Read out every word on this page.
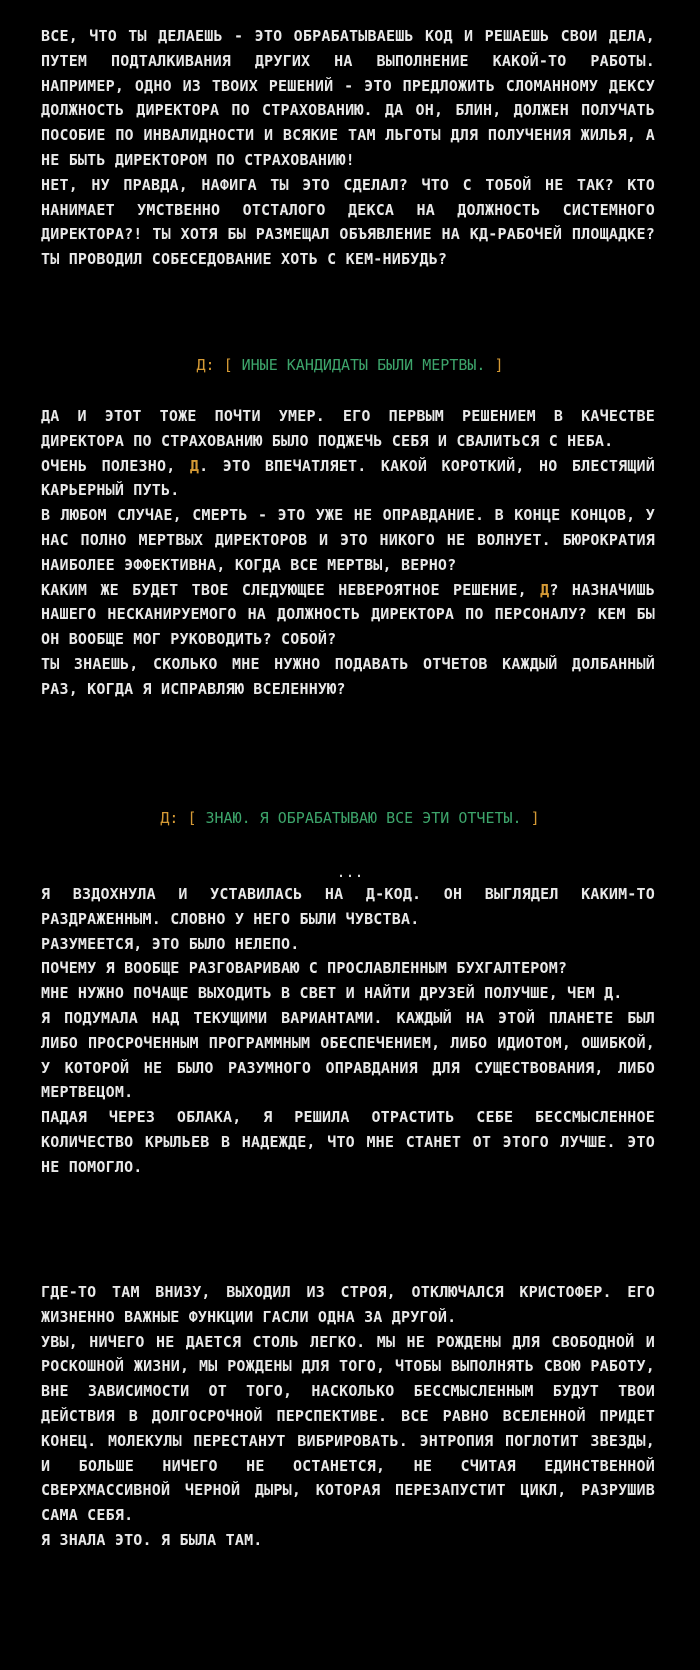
ВСЕ, ЧТО ТЫ ДЕЛАЕШЬ - ЭТО ОБРАБАТЫВАЕШЬ КОД И РЕШАЕШЬ СВОИ ДЕЛА, ПУТЕМ ПОДТАЛКИВАНИЯ ДРУГИХ НА ВЫПОЛНЕНИЕ КАКОЙ-ТО РАБОТЫ. НАПРИМЕР, ОДНО ИЗ ТВОИХ РЕШЕНИЙ - ЭТО ПРЕДЛОЖИТЬ СЛОМАННОМУ ДЕКСУ ДОЛЖНОСТЬ ДИРЕКТОРА ПО СТРАХОВАНИЮ. ДА ОН, БЛИН, ДОЛЖЕН ПОЛУЧАТЬ ПОСОБИЕ ПО ИНВАЛИДНОСТИ И ВСЯКИЕ ТАМ ЛЬГОТЫ ДЛЯ ПОЛУЧЕНИЯ ЖИЛЬЯ, А НЕ БЫТЬ ДИРЕКТОРОМ ПО СТРАХОВАНИЮ!

НЕТ, НУ ПРАВДА, НАФИГА ТЫ ЭТО СДЕЛАЛ? ЧТО С ТОБОЙ НЕ ТАК? КТО НАНИМАЕТ УМСТВЕННО ОТСТАЛОГО ДЕКСА НА ДОЛЖНОСТЬ СИСТЕМНОГО ДИРЕКТОРА?! ТЫ ХОТЯ БЫ РАЗМЕЩАЛ ОБЪЯВЛЕНИЕ НА КД-РАБОЧЕЙ ПЛОЩАДКЕ? ТЫ ПРОВОДИЛ СОБЕСЕДОВАНИЕ ХОТЬ С КЕМ-НИБУДЬ?

Д: [ ИНЫЕ КАНДИДАТЫ БЫЛИ МЕРТВЫ. ]

ДА И ЭТОТ ТОЖЕ ПОЧТИ УМЕР. ЕГО ПЕРВЫМ РЕШЕНИЕМ В КАЧЕСТВЕ ДИРЕКТОРА ПО СТРАХОВАНИЮ БЫЛО ПОДЖЕЧЬ СЕБЯ И СВАЛИТЬСЯ С НЕБА.

ОЧЕНЬ ПОЛЕЗНО, Д. ЭТО ВПЕЧАТЛЯЕТ. КАКОЙ КОРОТКИЙ, НО БЛЕСТЯЩИЙ КАРЬЕРНЫЙ ПУТЬ.

В ЛЮБОМ СЛУЧАЕ, СМЕРТЬ - ЭТО УЖЕ НЕ ОПРАВДАНИЕ. В КОНЦЕ КОНЦОВ, У НАС ПОЛНО МЕРТВЫХ ДИРЕКТОРОВ И ЭТО НИКОГО НЕ ВОЛНУЕТ. БЮРОКРАТИЯ НАИБОЛЕЕ ЭФФЕКТИВНА, КОГДА ВСЕ МЕРТВЫ, ВЕРНО?

КАКИМ ЖЕ БУДЕТ ТВОЕ СЛЕДУЮЩЕЕ НЕВЕРОЯТНОЕ РЕШЕНИЕ, Д? НАЗНАЧИШЬ НАШЕГО НЕСКАНИРУЕМОГО НА ДОЛЖНОСТЬ ДИРЕКТОРА ПО ПЕРСОНАЛУ? КЕМ БЫ ОН ВООБЩЕ МОГ РУКОВОДИТЬ? СОБОЙ?

ТЫ ЗНАЕШЬ, СКОЛЬКО МНЕ НУЖНО ПОДАВАТЬ ОТЧЕТОВ КАЖДЫЙ ДОЛБАННЫЙ РАЗ, КОГДА Я ИСПРАВЛЯЮ ВСЕЛЕННУЮ?

Д: [ ЗНАЮ. Я ОБРАБАТЫВАЮ ВСЕ ЭТИ ОТЧЕТЫ. ]
...

Я ВЗДОХНУЛА И УСТАВИЛАСЬ НА Д-КОД. ОН ВЫГЛЯДЕЛ КАКИМ-ТО РАЗДРАЖЕННЫМ. СЛОВНО У НЕГО БЫЛИ ЧУВСТВА.

РАЗУМЕЕТСЯ, ЭТО БЫЛО НЕЛЕПО.

ПОЧЕМУ Я ВООБЩЕ РАЗГОВАРИВАЮ С ПРОСЛАВЛЕННЫМ БУХГАЛТЕРОМ?

МНЕ НУЖНО ПОЧАЩЕ ВЫХОДИТЬ В СВЕТ И НАЙТИ ДРУЗЕЙ ПОЛУЧШЕ, ЧЕМ Д.

Я ПОДУМАЛА НАД ТЕКУЩИМИ ВАРИАНТАМИ. КАЖДЫЙ НА ЭТОЙ ПЛАНЕТЕ БЫЛ ЛИБО ПРОСРОЧЕННЫМ ПРОГРАММНЫМ ОБЕСПЕЧЕНИЕМ, ЛИБО ИДИОТОМ, ОШИБКОЙ, У КОТОРОЙ НЕ БЫЛО РАЗУМНОГО ОПРАВДАНИЯ ДЛЯ СУЩЕСТВОВАНИЯ, ЛИБО МЕРТВЕЦОМ.

ПАДАЯ ЧЕРЕЗ ОБЛАКА, Я РЕШИЛА ОТРАСТИТЬ СЕБЕ БЕССМЫСЛЕННОЕ КОЛИЧЕСТВО КРЫЛЬЕВ В НАДЕЖДЕ, ЧТО МНЕ СТАНЕТ ОТ ЭТОГО ЛУЧШЕ. ЭТО НЕ ПОМОГЛО.

ГДЕ-ТО ТАМ ВНИЗУ, ВЫХОДИЛ ИЗ СТРОЯ, ОТКЛЮЧАЛСЯ КРИСТОФЕР. ЕГО ЖИЗНЕННО ВАЖНЫЕ ФУНКЦИИ ГАСЛИ ОДНА ЗА ДРУГОЙ.

УВЫ, НИЧЕГО НЕ ДАЕТСЯ СТОЛЬ ЛЕГКО. МЫ НЕ РОЖДЕНЫ ДЛЯ СВОБОДНОЙ И РОСКОШНОЙ ЖИЗНИ, МЫ РОЖДЕНЫ ДЛЯ ТОГО, ЧТОБЫ ВЫПОЛНЯТЬ СВОЮ РАБОТУ, ВНЕ ЗАВИСИМОСТИ ОТ ТОГО, НАСКОЛЬКО БЕССМЫСЛЕННЫМ БУДУТ ТВОИ ДЕЙСТВИЯ В ДОЛГОСРОЧНОЙ ПЕРСПЕКТИВЕ. ВСЕ РАВНО ВСЕЛЕННОЙ ПРИДЕТ КОНЕЦ. МОЛЕКУЛЫ ПЕРЕСТАНУТ ВИБРИРОВАТЬ. ЭНТРОПИЯ ПОГЛОТИТ ЗВЕЗДЫ, И БОЛЬШЕ НИЧЕГО НЕ ОСТАНЕТСЯ, НЕ СЧИТАЯ ЕДИНСТВЕННОЙ СВЕРХМАССИВНОЙ ЧЕРНОЙ ДЫРЫ, КОТОРАЯ ПЕРЕЗАПУСТИТ ЦИКЛ, РАЗРУШИВ САМА СЕБЯ.

Я ЗНАЛА ЭТО. Я БЫЛА ТАМ.
